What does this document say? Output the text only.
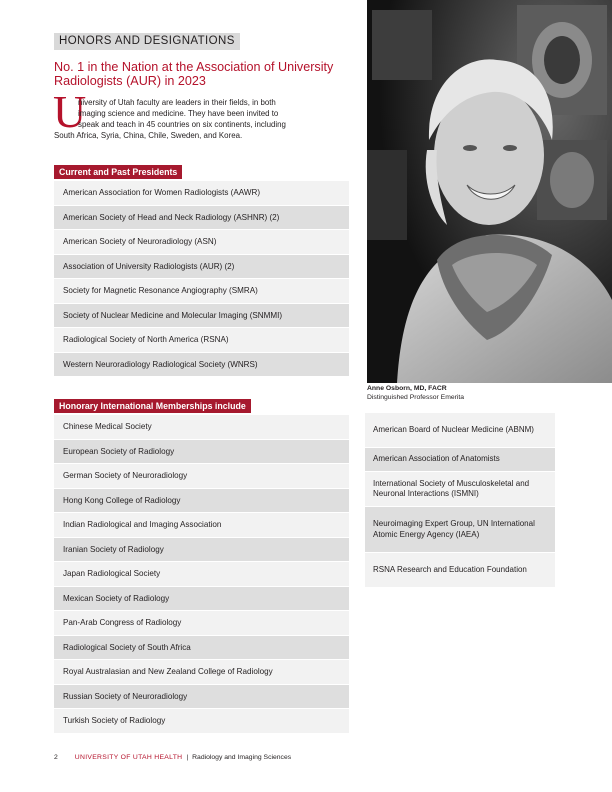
HONORS AND DESIGNATIONS
No. 1 in the Nation at the Association of University Radiologists (AUR) in 2023
U
niversity of Utah faculty are leaders in their fields, in both
imaging science and medicine. They have been invited to
speak and teach in 45 countries on six continents, including
South Africa, Syria, China, Chile, Sweden, and Korea.
Current and Past Presidents
American Association for Women Radiologists (AAWR)
American Society of Head and Neck Radiology (ASHNR) (2)
American Society of Neuroradiology (ASN)
Association of University Radiologists (AUR) (2)
Society for Magnetic Resonance Angiography (SMRA)
Society of Nuclear Medicine and Molecular Imaging (SNMMI)
Radiological Society of North America (RSNA)
Western Neuroradiology Radiological Society (WNRS)
Honorary International Memberships include
Chinese Medical Society
European Society of Radiology
German Society of Neuroradiology
Hong Kong College of Radiology
Indian Radiological and Imaging Association
Iranian Society of Radiology
Japan Radiological Society
Mexican Society of Radiology
Pan-Arab Congress of Radiology
Radiological Society of South Africa
Royal Australasian and New Zealand College of Radiology
Russian Society of Neuroradiology
Turkish Society of Radiology
Anne Osborn, MD, FACR
Distinguished Professor Emerita
American Board of Nuclear Medicine (ABNM)
American Association of Anatomists
International Society of Musculoskeletal and Neuronal Interactions (ISMNI)
Neuroimaging Expert Group, UN International Atomic Energy Agency (IAEA)
RSNA Research and Education Foundation
2	UNIVERSITY OF UTAH HEALTH | Radiology and Imaging Sciences
